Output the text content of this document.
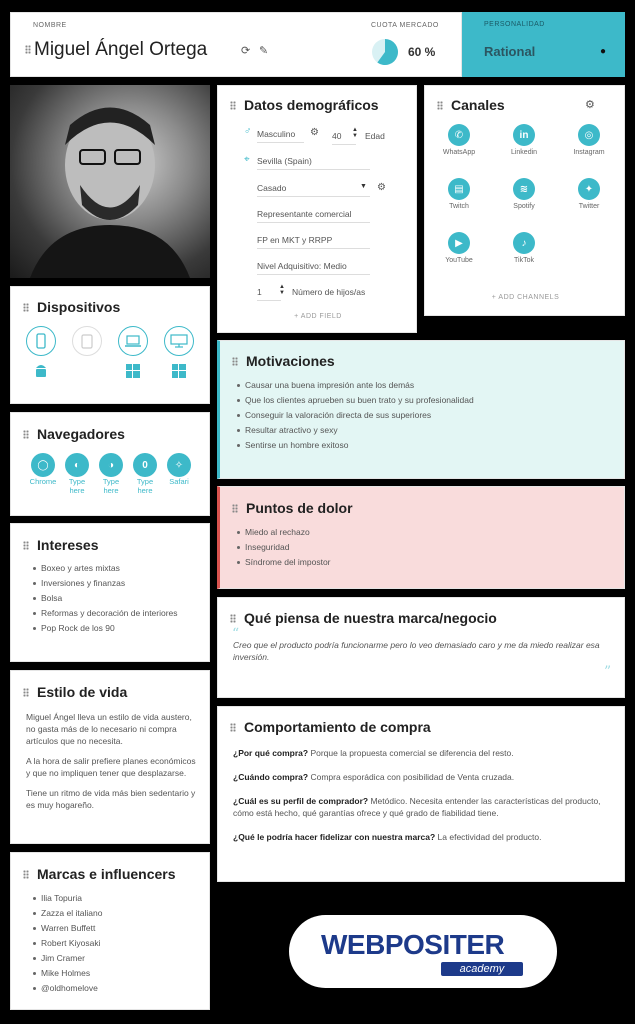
NOMBRE
Miguel Ángel Ortega	⟳ ✎
CUOTA MERCADO
60 %
PERSONALIDAD
Rational	●
Datos demográficos
♂ Masculino	⚙ 40
▲
▼ Edad
⌖ Sevilla (Spain)
Casado	▼ ⚙
Representante comercial
FP en MKT y RRPP
Nivel Adquisitivo: Medio
1	▲
▼ Número de hijos/as
+ ADD FIELD
Canales	⚙
✆
WhatsApp
in
Linkedin
◎
Instagram
▤
Twitch
≋
Spotify
✦
Twitter
▶
YouTube
♪
TikTok
+ ADD CHANNELS
Dispositivos
Motivaciones
Causar una buena impresión ante los demás
Que los clientes aprueben su buen trato y su profesionalidad
Conseguir la valoración directa de sus superiores
Resultar atractivo y sexy
Sentirse un hombre exitoso
Navegadores
◯
Chrome
◐
Type here
◑
Type here
0
Type here
✧
Safari
Puntos de dolor
Miedo al rechazo
Inseguridad
Síndrome del impostor
Intereses
Boxeo y artes mixtas
Inversiones y finanzas
Bolsa
Reformas y decoración de interiores
Pop Rock de los 90
Qué piensa de nuestra marca/negocio
“
Creo que el producto podría funcionarme pero lo veo demasiado caro y me da miedo realizar esa inversión.
”
Estilo de vida
Miguel Ángel lleva un estilo de vida austero, no gasta más de lo necesario ni compra artículos que no necesita.
A la hora de salir prefiere planes económicos y que no impliquen tener que desplazarse.
Tiene un ritmo de vida más bien sedentario y es muy hogareño.
Comportamiento de compra
¿Por qué compra? Porque la propuesta comercial se diferencia del resto.
¿Cuándo compra? Compra esporádica con posibilidad de Venta cruzada.
¿Cuál es su perfil de comprador? Metódico. Necesita entender las características del producto, cómo está hecho, qué garantías ofrece y qué grado de fiabilidad tiene.
¿Qué le podría hacer fidelizar con nuestra marca? La efectividad del producto.
Marcas e influencers
Ilia Topuria
Zazza el italiano
Warren Buffett
Robert Kiyosaki
Jim Cramer
Mike Holmes
@oldhomelove
WEBPOSITER
academy
